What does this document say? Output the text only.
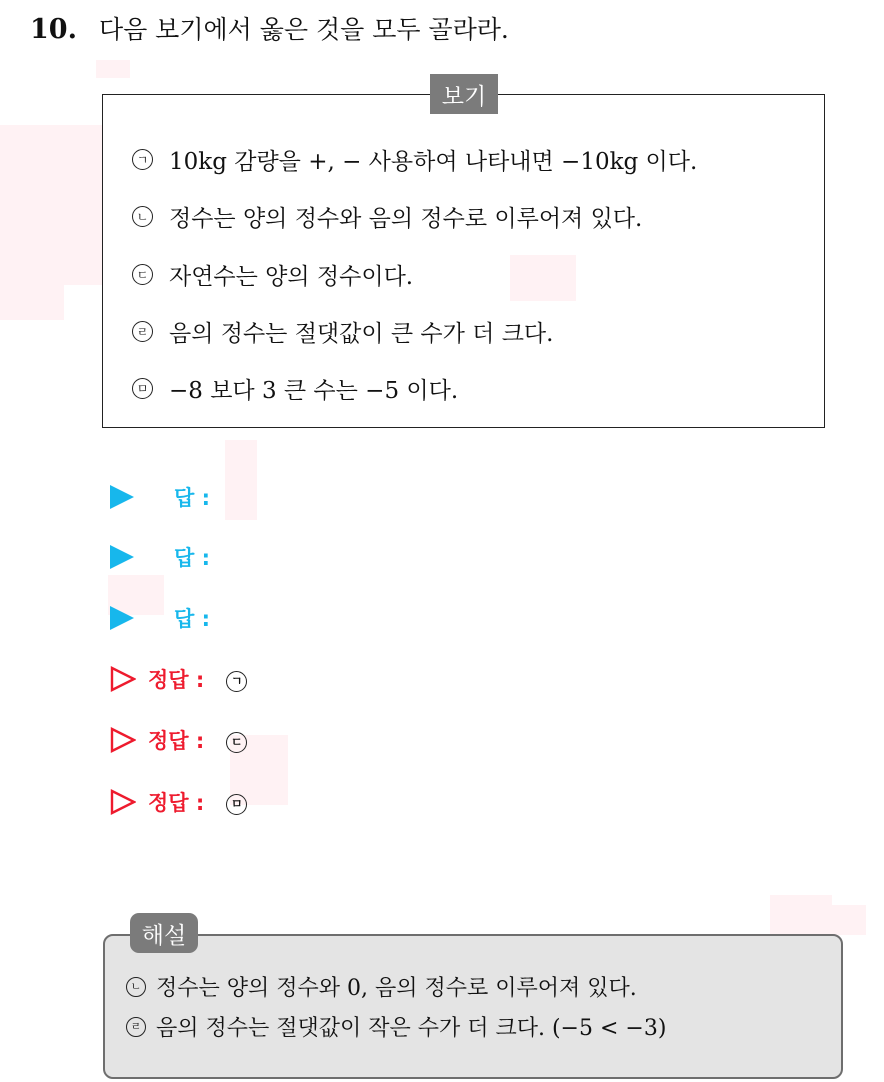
10. 다음 보기에서 옳은 것을 모두 골라라.
보기
ㄱ 10kg 감량을 +, − 사용하여 나타내면 −10kg 이다.
ㄴ 정수는 양의 정수와 음의 정수로 이루어져 있다.
ㄷ 자연수는 양의 정수이다.
ㄹ 음의 정수는 절댓값이 큰 수가 더 크다.
ㅁ −8 보다 3 큰 수는 −5 이다.
답 :
답 :
답 :
정답 :	ㄱ
정답 :	ㄷ
정답 :	ㅁ
해설
ㄴ 정수는 양의 정수와 0, 음의 정수로 이루어져 있다.
ㄹ 음의 정수는 절댓값이 작은 수가 더 크다. (−5 < −3)
